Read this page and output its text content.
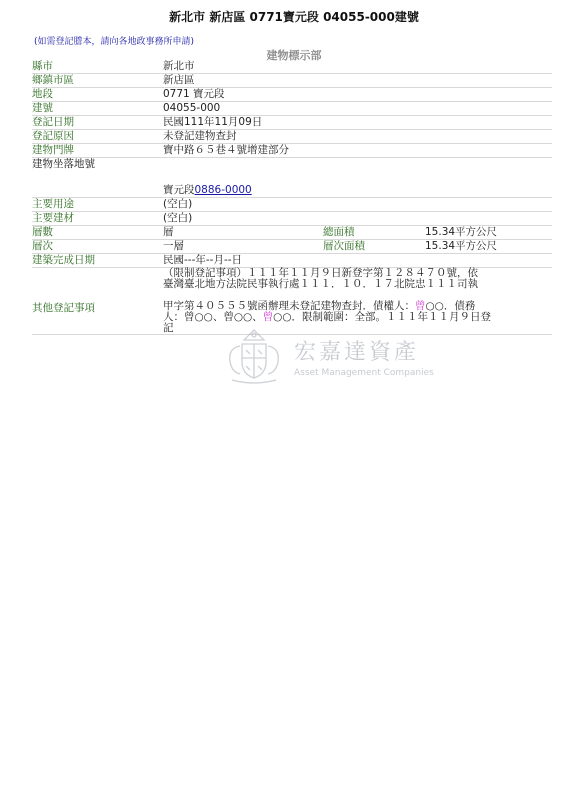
新北市 新店區 0771寶元段 04055-000建號
(如需登記謄本，請向各地政事務所申請)
建物標示部
縣市	新北市
鄉鎮市區	新店區
地段	0771 寶元段
建號	04055-000
登記日期	民國111年11月09日
登記原因	未登記建物查封
建物門牌	寶中路６５巷４號增建部分
建物坐落地號
寶元段0886-0000
主要用途	(空白)
主要建材	(空白)
層數	層	總面積	15.34平方公尺
層次	一層	層次面積	15.34平方公尺
建築完成日期	民國---年--月--日
其他登記事項
（限制登記事項）１１１年１１月９日新登字第１２８４７０號，依
臺灣臺北地方法院民事執行處１１１．１０．１７北院忠１１１司執
甲字第４０５５５號函辦理未登記建物查封．債權人：曾○○．債務
人：曾○○、曾○○、曾○○．限制範圍：全部。１１１年１１月９日登
記
宏嘉達資產
Asset Management Companies
